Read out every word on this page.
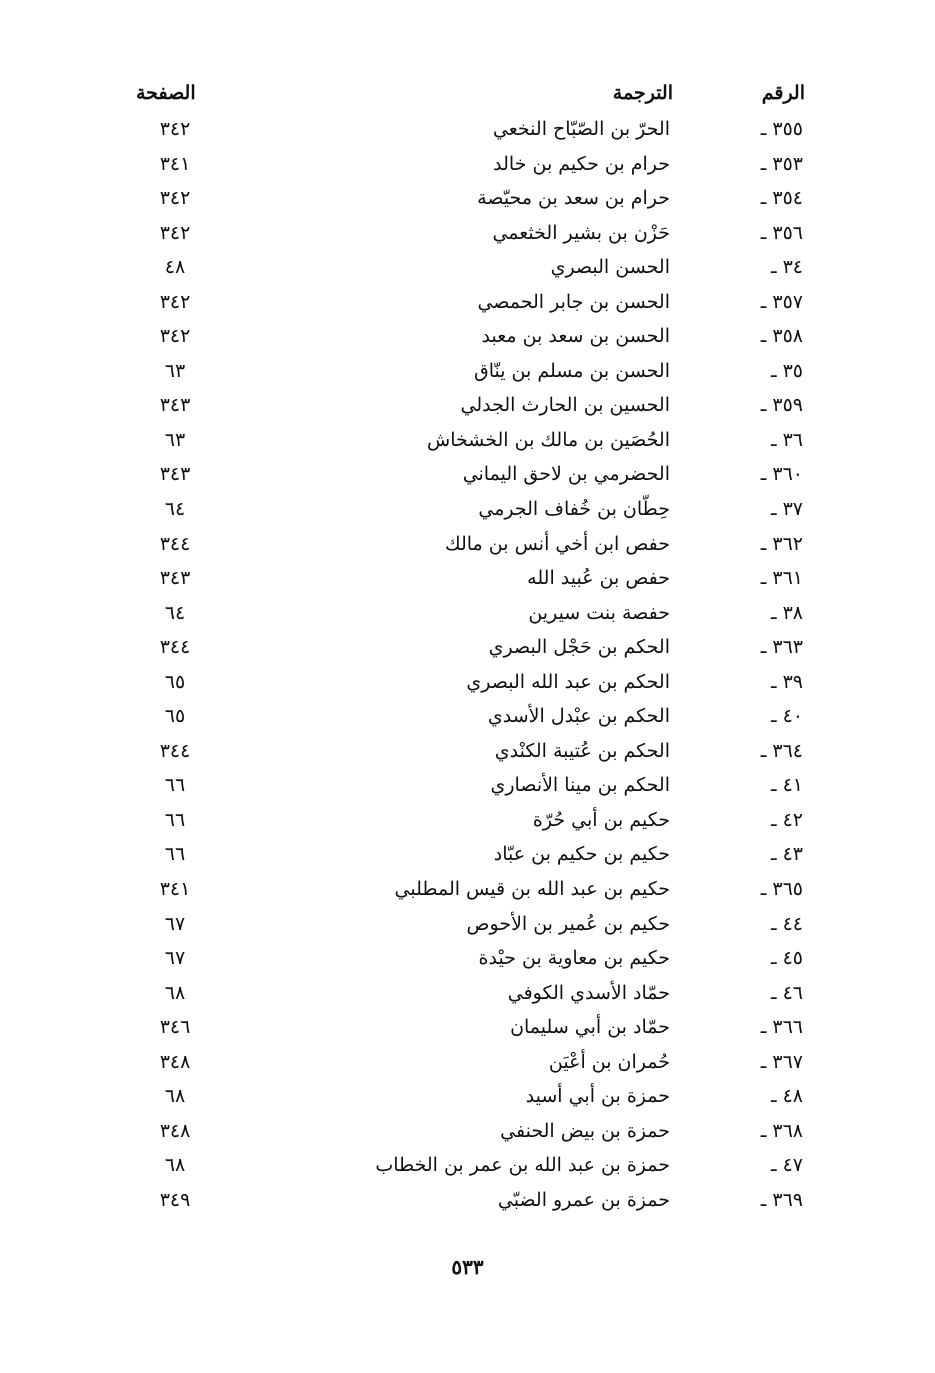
الرقم
الترجمة
الصفحة
٣٥٥ ـ
الحرّ بن الصّبّاح النخعي
٣٤٢
٣٥٣ ـ
حرام بن حكيم بن خالد
٣٤١
٣٥٤ ـ
حرام بن سعد بن محيّصة
٣٤٢
٣٥٦ ـ
حَزْن بن بشير الخثعمي
٣٤٢
٣٤ ـ
الحسن البصري
٤٨
٣٥٧ ـ
الحسن بن جابر الحمصي
٣٤٢
٣٥٨ ـ
الحسن بن سعد بن معبد
٣٤٢
٣٥ ـ
الحسن بن مسلم بن ينّاق
٦٣
٣٥٩ ـ
الحسين بن الحارث الجدلي
٣٤٣
٣٦ ـ
الحُصَين بن مالك بن الخشخاش
٦٣
٣٦٠ ـ
الحضرمي بن لاحق اليماني
٣٤٣
٣٧ ـ
حِطّان بن خُفاف الجرمي
٦٤
٣٦٢ ـ
حفص ابن أخي أنس بن مالك
٣٤٤
٣٦١ ـ
حفص بن عُبيد الله
٣٤٣
٣٨ ـ
حفصة بنت سيرين
٦٤
٣٦٣ ـ
الحكم بن حَجْل البصري
٣٤٤
٣٩ ـ
الحكم بن عبد الله البصري
٦٥
٤٠ ـ
الحكم بن عبْدل الأسدي
٦٥
٣٦٤ ـ
الحكم بن عُتيبة الكنْدي
٣٤٤
٤١ ـ
الحكم بن مينا الأنصاري
٦٦
٤٢ ـ
حكيم بن أبي حُرّة
٦٦
٤٣ ـ
حكيم بن حكيم بن عبّاد
٦٦
٣٦٥ ـ
حكيم بن عبد الله بن قيس المطلبي
٣٤١
٤٤ ـ
حكيم بن عُمير بن الأحوص
٦٧
٤٥ ـ
حكيم بن معاوية بن حيْدة
٦٧
٤٦ ـ
حمّاد الأسدي الكوفي
٦٨
٣٦٦ ـ
حمّاد بن أبي سليمان
٣٤٦
٣٦٧ ـ
حُمران بن أعْيَن
٣٤٨
٤٨ ـ
حمزة بن أبي أسيد
٦٨
٣٦٨ ـ
حمزة بن بيض الحنفي
٣٤٨
٤٧ ـ
حمزة بن عبد الله بن عمر بن الخطاب
٦٨
٣٦٩ ـ
حمزة بن عمرو الضبّي
٣٤٩
٥٣٣
